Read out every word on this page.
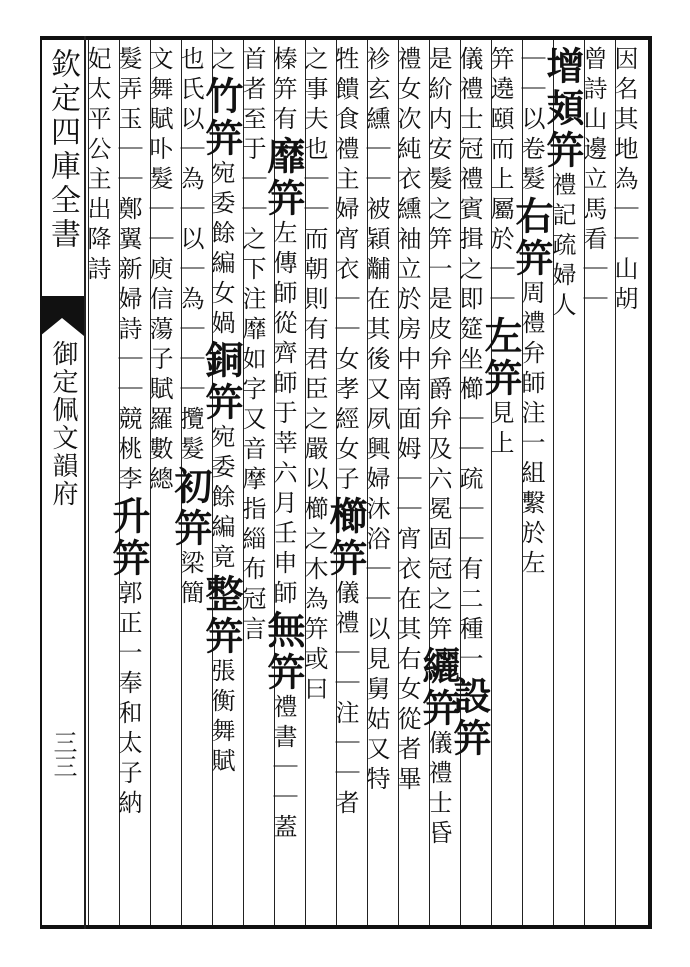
欽定四庫全書
御定佩文韻府
三三
因名其地為｜｜山胡
曾詩山邊立馬看｜｜
增頍笄禮記疏婦人
｜｜以卷髮右笄周禮弁師注一組繫於左
笄遶頤而上屬於｜｜左笄見上
儀禮士冠禮賓揖之即筵坐櫛｜｜疏｜｜有二種一設笄
是紒内安髮之笄一是皮弁爵弁及六冕固冠之笄纚笄儀禮士昏
禮女次純衣纁袖立於房中南面姆｜｜宵衣在其右女從者畢
袗玄纁｜｜被穎黼在其後又夙興婦沐浴｜｜以見舅姑又特
牲饋食禮主婦宵衣｜｜女孝經女子櫛笄儀禮｜｜注｜｜者
之事夫也｜｜而朝則有君臣之嚴以櫛之木為笄或曰
榛笄有靡笄左傳師從齊師于莘六月壬申師無笄禮書｜｜蓋
首者至于｜｜之下注靡如字又音摩指緇布冠言
之竹笄宛委餘編女媧銅笄宛委餘編竟整笄張衡舞賦
也氏以｜為｜以｜為｜｜｜攬髮初笄梁簡
文舞賦卟髮｜｜庾信蕩子賦羅數總
髮弄玉｜｜鄭翼新婦詩｜｜競桃李升笄郭正一奉和太子納
妃太平公主出降詩
